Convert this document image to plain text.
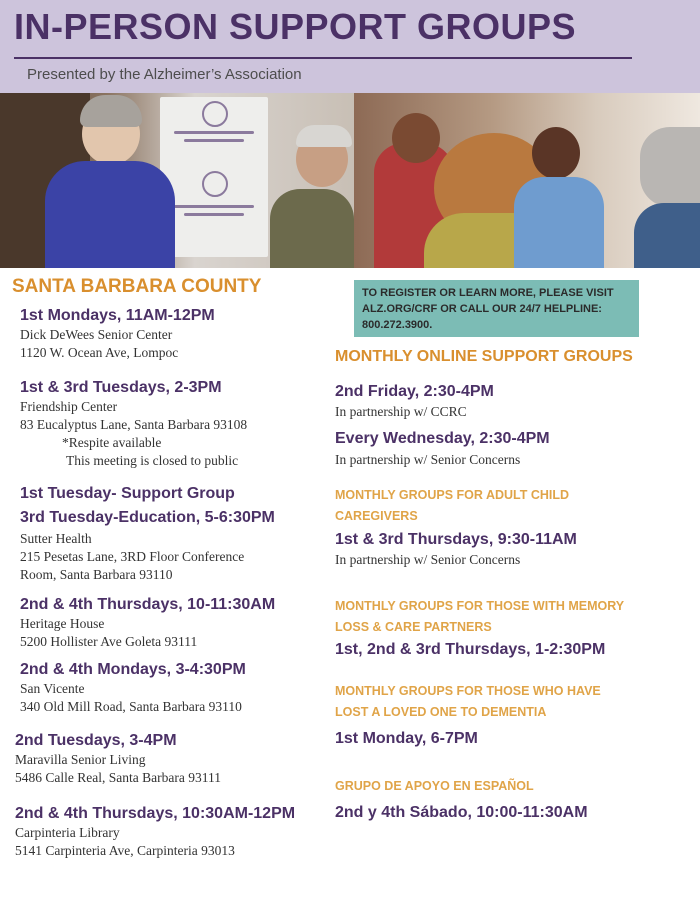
IN-PERSON SUPPORT GROUPS
Presented by the Alzheimer’s Association
SANTA BARBARA COUNTY
1st Mondays, 11AM-12PM
Dick DeWees Senior Center
1120 W. Ocean Ave, Lompoc
1st & 3rd Tuesdays, 2-3PM
Friendship Center
83 Eucalyptus Lane, Santa Barbara 93108
*Respite available
This meeting is closed to public
1st Tuesday- Support Group
3rd Tuesday-Education, 5-6:30PM
Sutter Health
215 Pesetas Lane, 3RD Floor Conference
Room, Santa Barbara 93110
2nd & 4th Thursdays, 10-11:30AM
Heritage House
5200 Hollister Ave Goleta 93111
2nd & 4th Mondays, 3-4:30PM
San Vicente
340 Old Mill Road, Santa Barbara 93110
2nd Tuesdays, 3-4PM
Maravilla Senior Living
5486 Calle Real, Santa Barbara 93111
2nd & 4th Thursdays, 10:30AM-12PM
Carpinteria Library
5141 Carpinteria Ave, Carpinteria 93013
TO REGISTER OR LEARN MORE, PLEASE VISIT
ALZ.ORG/CRF OR CALL OUR 24/7 HELPLINE:
800.272.3900.
MONTHLY ONLINE SUPPORT GROUPS
2nd Friday, 2:30-4PM
In partnership w/ CCRC
Every Wednesday, 2:30-4PM
In partnership w/ Senior Concerns
MONTHLY GROUPS FOR ADULT CHILD
CAREGIVERS
1st & 3rd Thursdays, 9:30-11AM
In partnership w/ Senior Concerns
MONTHLY GROUPS FOR THOSE WITH MEMORY
LOSS & CARE PARTNERS
1st, 2nd & 3rd Thursdays, 1-2:30PM
MONTHLY GROUPS FOR THOSE WHO HAVE
LOST A LOVED ONE TO DEMENTIA
1st Monday, 6-7PM
GRUPO DE APOYO EN ESPAÑOL
2nd y 4th Sábado, 10:00-11:30AM
